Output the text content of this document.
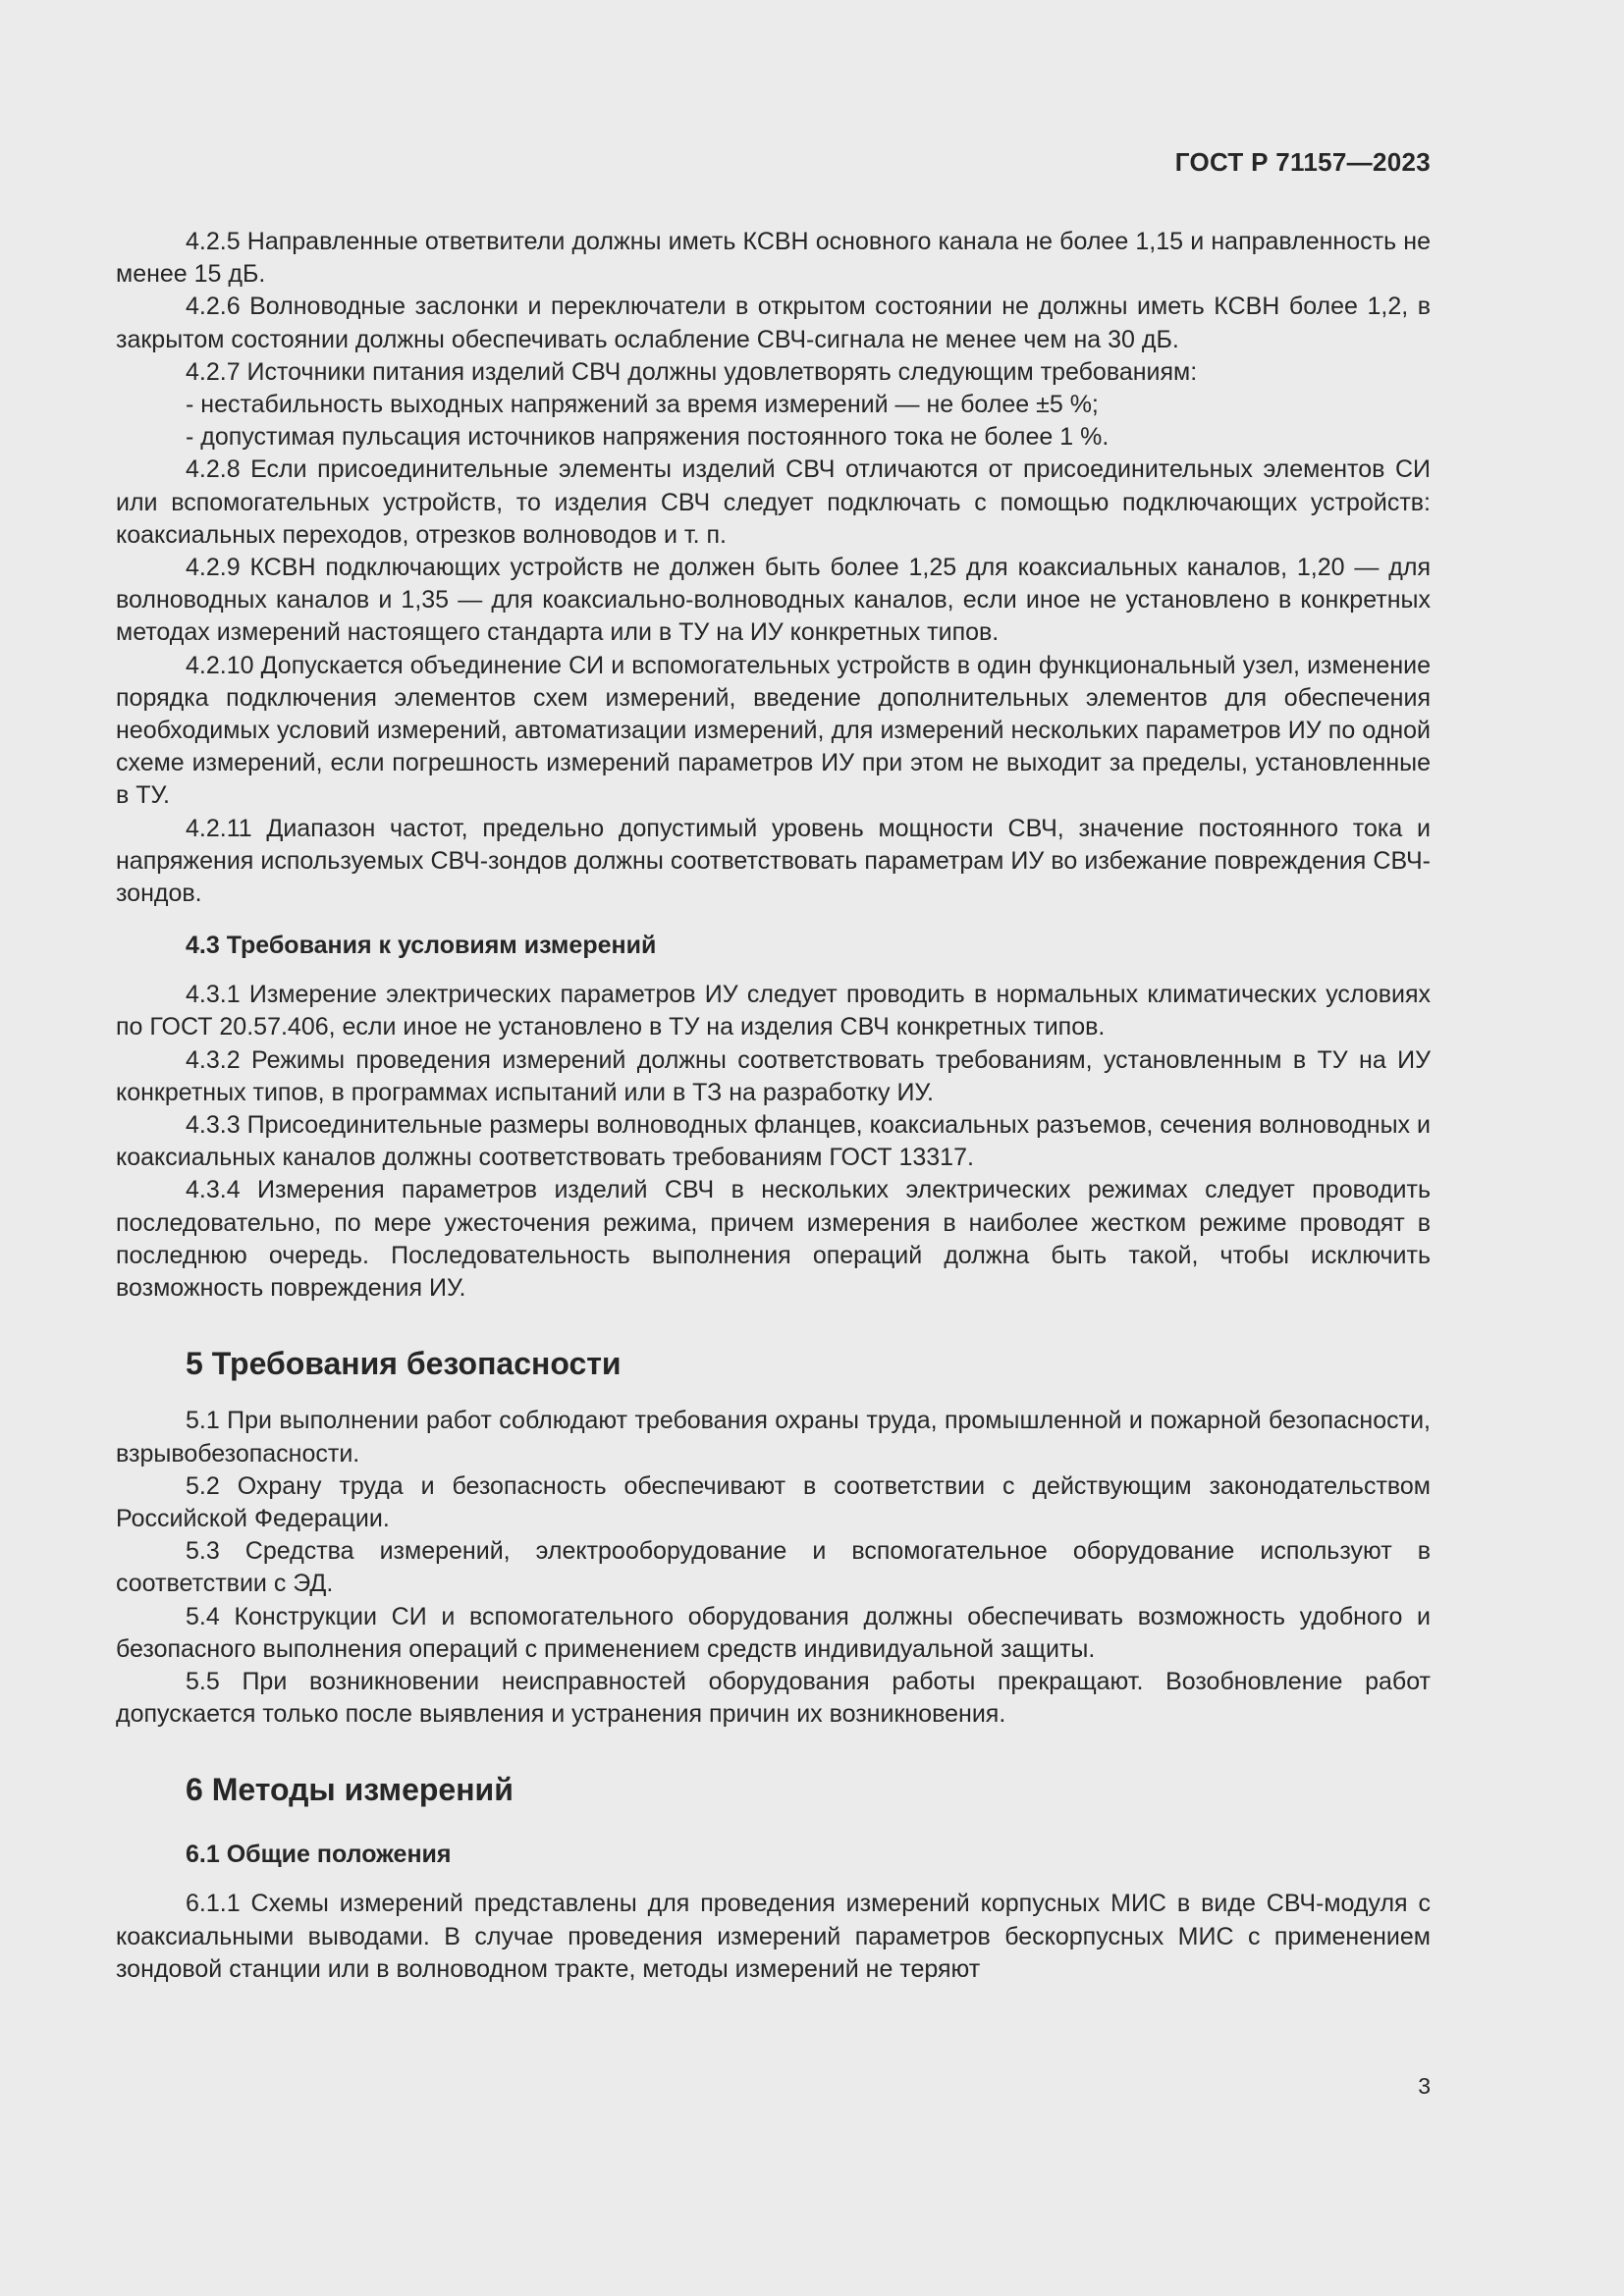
ГОСТ Р 71157—2023

4.2.5 Направленные ответвители должны иметь КСВН основного канала не более 1,15 и направленность не менее 15 дБ.

4.2.6 Волноводные заслонки и переключатели в открытом состоянии не должны иметь КСВН более 1,2, в закрытом состоянии должны обеспечивать ослабление СВЧ-сигнала не менее чем на 30 дБ.

4.2.7 Источники питания изделий СВЧ должны удовлетворять следующим требованиям:

- нестабильность выходных напряжений за время измерений — не более ±5 %;

- допустимая пульсация источников напряжения постоянного тока не более 1 %.

4.2.8 Если присоединительные элементы изделий СВЧ отличаются от присоединительных элементов СИ или вспомогательных устройств, то изделия СВЧ следует подключать с помощью подключающих устройств: коаксиальных переходов, отрезков волноводов и т. п.

4.2.9 КСВН подключающих устройств не должен быть более 1,25 для коаксиальных каналов, 1,20 — для волноводных каналов и 1,35 — для коаксиально-волноводных каналов, если иное не установлено в конкретных методах измерений настоящего стандарта или в ТУ на ИУ конкретных типов.

4.2.10 Допускается объединение СИ и вспомогательных устройств в один функциональный узел, изменение порядка подключения элементов схем измерений, введение дополнительных элементов для обеспечения необходимых условий измерений, автоматизации измерений, для измерений нескольких параметров ИУ по одной схеме измерений, если погрешность измерений параметров ИУ при этом не выходит за пределы, установленные в ТУ.

4.2.11 Диапазон частот, предельно допустимый уровень мощности СВЧ, значение постоянного тока и напряжения используемых СВЧ-зондов должны соответствовать параметрам ИУ во избежание повреждения СВЧ-зондов.

4.3 Требования к условиям измерений

4.3.1 Измерение электрических параметров ИУ следует проводить в нормальных климатических условиях по ГОСТ 20.57.406, если иное не установлено в ТУ на изделия СВЧ конкретных типов.

4.3.2 Режимы проведения измерений должны соответствовать требованиям, установленным в ТУ на ИУ конкретных типов, в программах испытаний или в ТЗ на разработку ИУ.

4.3.3 Присоединительные размеры волноводных фланцев, коаксиальных разъемов, сечения волноводных и коаксиальных каналов должны соответствовать требованиям ГОСТ 13317.

4.3.4 Измерения параметров изделий СВЧ в нескольких электрических режимах следует проводить последовательно, по мере ужесточения режима, причем измерения в наиболее жестком режиме проводят в последнюю очередь. Последовательность выполнения операций должна быть такой, чтобы исключить возможность повреждения ИУ.

5 Требования безопасности

5.1 При выполнении работ соблюдают требования охраны труда, промышленной и пожарной безопасности, взрывобезопасности.

5.2 Охрану труда и безопасность обеспечивают в соответствии с действующим законодательством Российской Федерации.

5.3 Средства измерений, электрооборудование и вспомогательное оборудование используют в соответствии с ЭД.

5.4 Конструкции СИ и вспомогательного оборудования должны обеспечивать возможность удобного и безопасного выполнения операций с применением средств индивидуальной защиты.

5.5 При возникновении неисправностей оборудования работы прекращают. Возобновление работ допускается только после выявления и устранения причин их возникновения.

6 Методы измерений
6.1 Общие положения

6.1.1 Схемы измерений представлены для проведения измерений корпусных МИС в виде СВЧ-модуля с коаксиальными выводами. В случае проведения измерений параметров бескорпусных МИС с применением зондовой станции или в волноводном тракте, методы измерений не теряют

3
